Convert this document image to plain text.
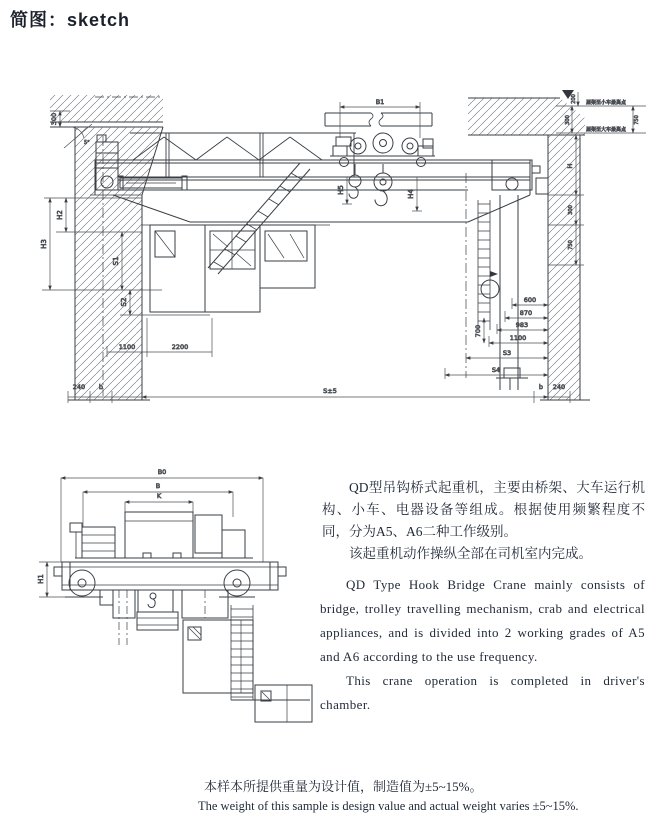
简图：sketch
H2
H3
S1
S2
300
5°
1100	2200
S±5
240 b	b 240
H5	H4
B1	200
300	750
屋架至小车最高点
屋架至大车最高点
H
300
750
600
870
983
1100
700
S3
S4
B0
B
K
H1

QD型吊钩桥式起重机，主要由桥架、大车运行机构、小车、电器设备等组成。根据使用频繁程度不同，分为A5、A6二种工作级别。

该起重机动作操纵全部在司机室内完成。

QD Type Hook Bridge Crane mainly consists of bridge, trolley travelling mechanism, crab and electrical appliances, and is divided into 2 working grades of A5 and A6 according to the use frequency.

This crane operation is completed in driver's chamber.

本样本所提供重量为设计值，制造值为±5~15%。

The weight of this sample is design value and actual weight varies ±5~15%.
